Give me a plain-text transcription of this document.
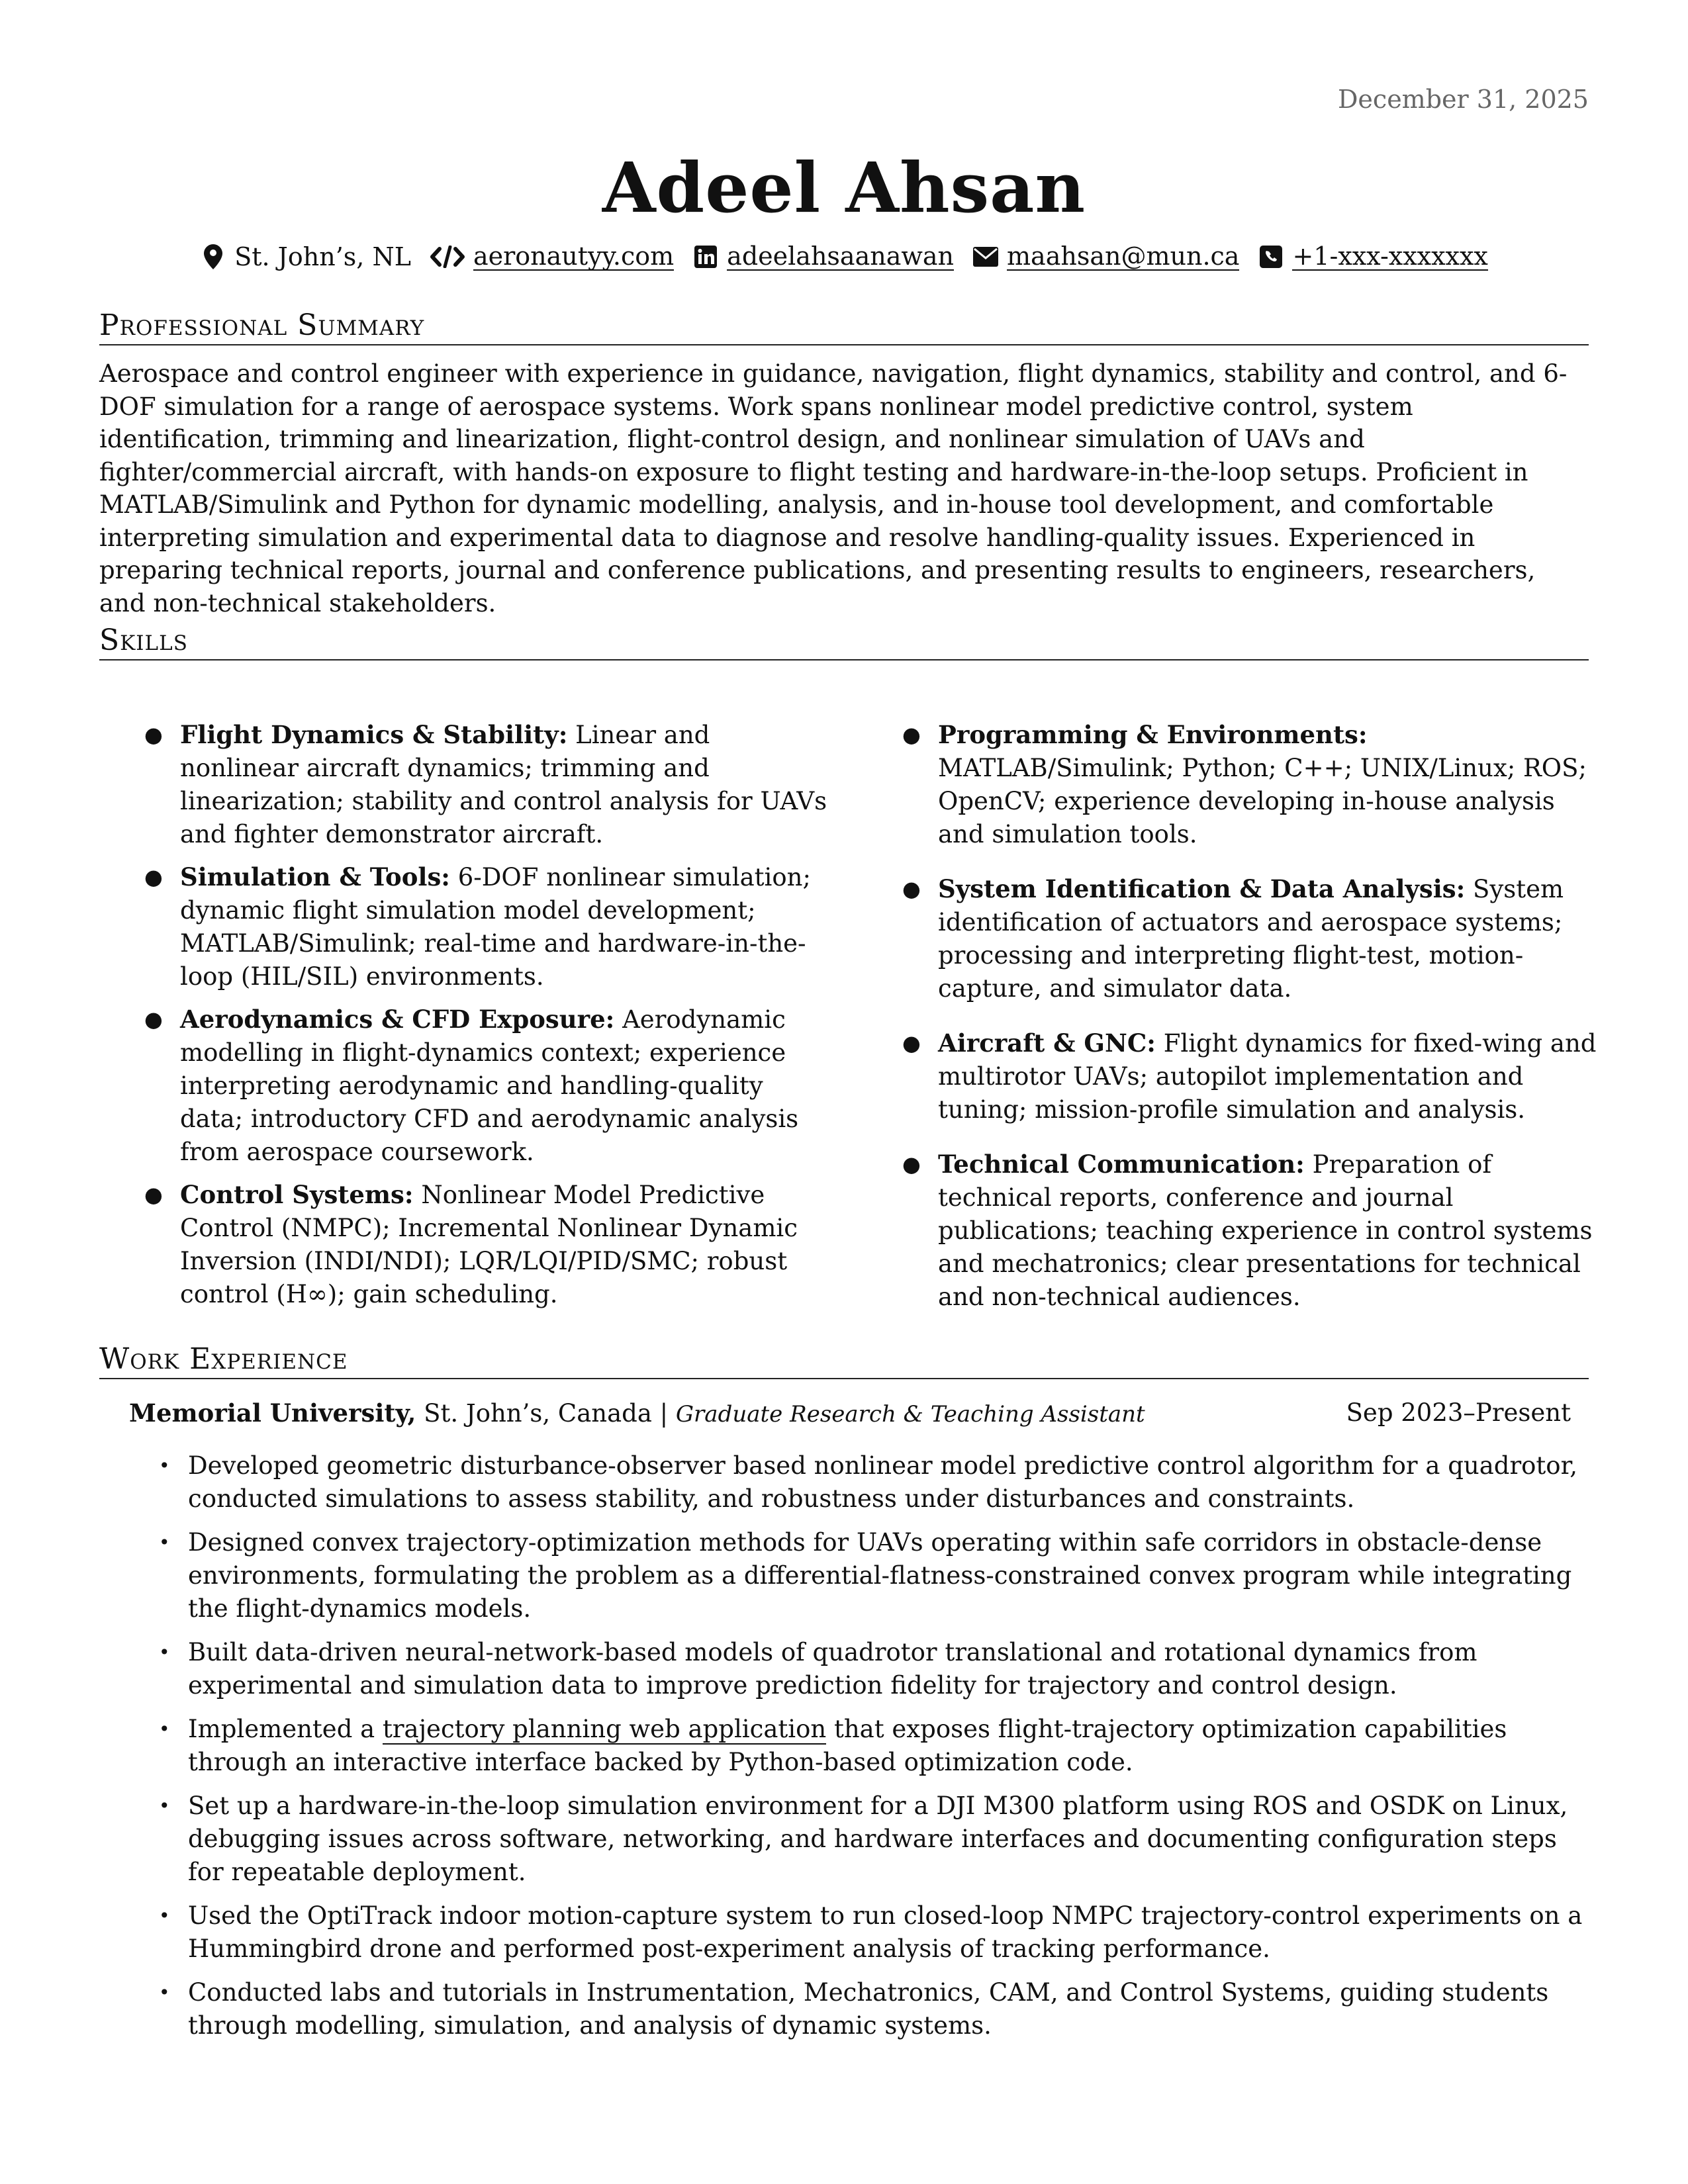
December 31, 2025
Adeel Ahsan
St. John’s, NL aeronautyy.com adeelahsaanawan maahsan@mun.ca +1-xxx-xxxxxxx
Professional Summary
Aerospace and control engineer with experience in guidance, navigation, flight dynamics, stability and control, and 6-DOF simulation for a range of aerospace systems. Work spans nonlinear model predictive control, system identification, trimming and linearization, flight-control design, and nonlinear simulation of UAVs and fighter/commercial aircraft, with hands-on exposure to flight testing and hardware-in-the-loop setups. Proficient in MATLAB/Simulink and Python for dynamic modelling, analysis, and in-house tool development, and comfortable interpreting simulation and experimental data to diagnose and resolve handling-quality issues. Experienced in preparing technical reports, journal and conference publications, and presenting results to engineers, researchers, and non-technical stakeholders.
Skills
● Flight Dynamics & Stability: Linear and nonlinear aircraft dynamics; trimming and linearization; stability and control analysis for UAVs and fighter demonstrator aircraft.
● Simulation & Tools: 6-DOF nonlinear simulation; dynamic flight simulation model development; MATLAB/Simulink; real-time and hardware-in-the-loop (HIL/SIL) environments.
● Aerodynamics & CFD Exposure: Aerodynamic modelling in flight-dynamics context; experience interpreting aerodynamic and handling-quality data; introductory CFD and aerodynamic analysis from aerospace coursework.
● Control Systems: Nonlinear Model Predictive Control (NMPC); Incremental Nonlinear Dynamic Inversion (INDI/NDI); LQR/LQI/PID/SMC; robust control (H∞); gain scheduling.
● Programming & Environments: MATLAB/Simulink; Python; C++; UNIX/Linux; ROS; OpenCV; experience developing in-house analysis and simulation tools.
● System Identification & Data Analysis: System identification of actuators and aerospace systems; processing and interpreting flight-test, motion-capture, and simulator data.
● Aircraft & GNC: Flight dynamics for fixed-wing and multirotor UAVs; autopilot implementation and tuning; mission-profile simulation and analysis.
● Technical Communication: Preparation of technical reports, conference and journal publications; teaching experience in control systems and mechatronics; clear presentations for technical and non-technical audiences.
Work Experience
Memorial University, St. John’s, Canada | Graduate Research & Teaching Assistant	Sep 2023–Present
• Developed geometric disturbance-observer based nonlinear model predictive control algorithm for a quadrotor, conducted simulations to assess stability, and robustness under disturbances and constraints.
• Designed convex trajectory-optimization methods for UAVs operating within safe corridors in obstacle-dense environments, formulating the problem as a differential-flatness-constrained convex program while integrating the flight-dynamics models.
• Built data-driven neural-network-based models of quadrotor translational and rotational dynamics from experimental and simulation data to improve prediction fidelity for trajectory and control design.
• Implemented a trajectory planning web application that exposes flight-trajectory optimization capabilities through an interactive interface backed by Python-based optimization code.
• Set up a hardware-in-the-loop simulation environment for a DJI M300 platform using ROS and OSDK on Linux, debugging issues across software, networking, and hardware interfaces and documenting configuration steps for repeatable deployment.
• Used the OptiTrack indoor motion-capture system to run closed-loop NMPC trajectory-control experiments on a Hummingbird drone and performed post-experiment analysis of tracking performance.
• Conducted labs and tutorials in Instrumentation, Mechatronics, CAM, and Control Systems, guiding students through modelling, simulation, and analysis of dynamic systems.
